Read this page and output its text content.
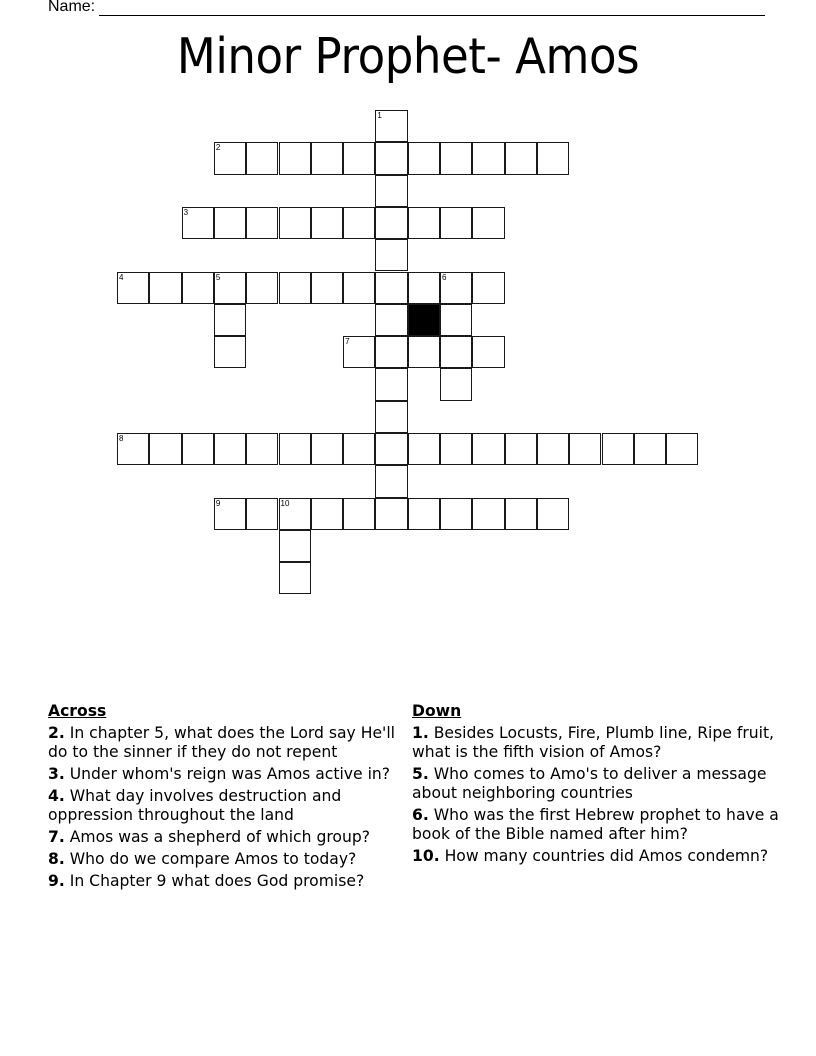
Name:
Minor Prophet- Amos
1
2
3
4	5	6
7
8
9	10
Across
2. In chapter 5, what does the Lord say He'll do to the sinner if they do not repent
3. Under whom's reign was Amos active in?
4. What day involves destruction and oppression throughout the land
7. Amos was a shepherd of which group?
8. Who do we compare Amos to today?
9. In Chapter 9 what does God promise?
Down
1. Besides Locusts, Fire, Plumb line, Ripe fruit, what is the fifth vision of Amos?
5. Who comes to Amo's to deliver a message about neighboring countries
6. Who was the first Hebrew prophet to have a book of the Bible named after him?
10. How many countries did Amos condemn?
